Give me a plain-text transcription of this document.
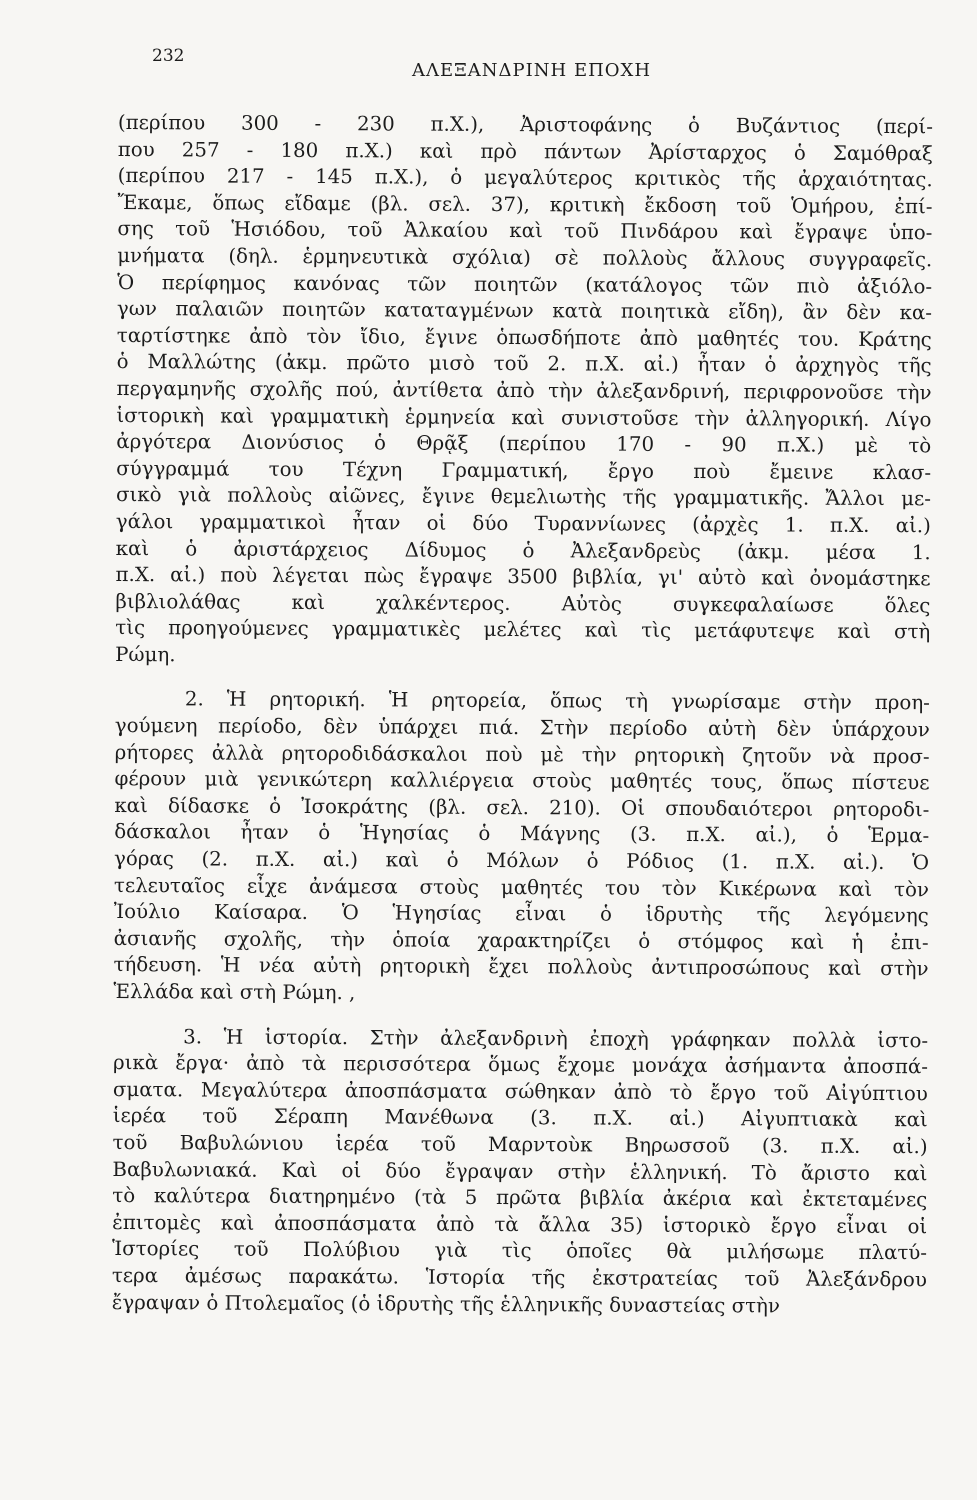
232
ΑΛΕΞΑΝΔΡΙΝΗ ΕΠΟΧΗ
(περίπου 300 - 230 π.Χ.), Ἀριστοφάνης ὁ Βυζάντιος (περί-
που 257 - 180 π.Χ.) καὶ πρὸ πάντων Ἀρίσταρχος ὁ Σαμόθραξ
(περίπου 217 - 145 π.Χ.), ὁ μεγαλύτερος κριτικὸς τῆς ἀρχαιότητας.
Ἔκαμε, ὅπως εἴδαμε (βλ. σελ. 37), κριτικὴ ἔκδοση τοῦ Ὁμήρου, ἐπί-
σης τοῦ Ἡσιόδου, τοῦ Ἀλκαίου καὶ τοῦ Πινδάρου καὶ ἔγραψε ὑπο-
μνήματα (δηλ. ἑρμηνευτικὰ σχόλια) σὲ πολλοὺς ἄλλους συγγραφεῖς.
Ὁ περίφημος κανόνας τῶν ποιητῶν (κατάλογος τῶν πιὸ ἀξιόλο-
γων παλαιῶν ποιητῶν καταταγμένων κατὰ ποιητικὰ εἴδη), ἂν δὲν κα-
ταρτίστηκε ἀπὸ τὸν ἴδιο, ἔγινε ὁπωσδήποτε ἀπὸ μαθητές του. Κράτης
ὁ Μαλλώτης (ἀκμ. πρῶτο μισὸ τοῦ 2. π.Χ. αἰ.) ἦταν ὁ ἀρχηγὸς τῆς
περγαμηνῆς σχολῆς πού, ἀντίθετα ἀπὸ τὴν ἀλεξανδρινή, περιφρονοῦσε τὴν
ἱστορικὴ καὶ γραμματικὴ ἑρμηνεία καὶ συνιστοῦσε τὴν ἀλληγορική. Λίγο
ἀργότερα Διονύσιος ὁ Θρᾷξ (περίπου 170 - 90 π.Χ.) μὲ τὸ
σύγγραμμά του Τέχνη Γραμματική, ἔργο ποὺ ἔμεινε κλασ-
σικὸ γιὰ πολλοὺς αἰῶνες, ἔγινε θεμελιωτὴς τῆς γραμματικῆς. Ἄλλοι με-
γάλοι γραμματικοὶ ἦταν οἱ δύο Τυραννίωνες (ἀρχὲς 1. π.Χ. αἰ.)
καὶ ὁ ἀριστάρχειος Δίδυμος ὁ Ἀλεξανδρεὺς (ἀκμ. μέσα 1.
π.Χ. αἰ.) ποὺ λέγεται πὼς ἔγραψε 3500 βιβλία, γι' αὐτὸ καὶ ὀνομάστηκε
βιβλιολάθας καὶ χαλκέντερος. Αὐτὸς συγκεφαλαίωσε ὅλες
τὶς προηγούμενες γραμματικὲς μελέτες καὶ τὶς μετάφυτεψε καὶ στὴ
Ρώμη.
2. Ἡ ρητορική. Ἡ ρητορεία, ὅπως τὴ γνωρίσαμε στὴν προη-
γούμενη περίοδο, δὲν ὑπάρχει πιά. Στὴν περίοδο αὐτὴ δὲν ὑπάρχουν
ρήτορες ἀλλὰ ρητοροδιδάσκαλοι ποὺ μὲ τὴν ρητορικὴ ζητοῦν νὰ προσ-
φέρουν μιὰ γενικώτερη καλλιέργεια στοὺς μαθητές τους, ὅπως πίστευε
καὶ δίδασκε ὁ Ἰσοκράτης (βλ. σελ. 210). Οἱ σπουδαιότεροι ρητοροδι-
δάσκαλοι ἦταν ὁ Ἡγησίας ὁ Μάγνης (3. π.Χ. αἰ.), ὁ Ἑρμα-
γόρας (2. π.Χ. αἰ.) καὶ ὁ Μόλων ὁ Ρόδιος (1. π.Χ. αἰ.). Ὁ
τελευταῖος εἶχε ἀνάμεσα στοὺς μαθητές του τὸν Κικέρωνα καὶ τὸν
Ἰούλιο Καίσαρα. Ὁ Ἡγησίας εἶναι ὁ ἱδρυτὴς τῆς λεγόμενης
ἀσιανῆς σχολῆς, τὴν ὁποία χαρακτηρίζει ὁ στόμφος καὶ ἡ ἐπι-
τήδευση. Ἡ νέα αὐτὴ ρητορικὴ ἔχει πολλοὺς ἀντιπροσώπους καὶ στὴν
Ἑλλάδα καὶ στὴ Ρώμη. ,
3. Ἡ ἱστορία. Στὴν ἀλεξανδρινὴ ἐποχὴ γράφηκαν πολλὰ ἱστο-
ρικὰ ἔργα· ἀπὸ τὰ περισσότερα ὅμως ἔχομε μονάχα ἀσήμαντα ἀποσπά-
σματα. Μεγαλύτερα ἀποσπάσματα σώθηκαν ἀπὸ τὸ ἔργο τοῦ Αἰγύπτιου
ἱερέα τοῦ Σέραπη Μανέθωνα (3. π.Χ. αἰ.) Αἰγυπτιακὰ καὶ
τοῦ Βαβυλώνιου ἱερέα τοῦ Μαρντοὺκ Βηρωσσοῦ (3. π.Χ. αἰ.)
Βαβυλωνιακά. Καὶ οἱ δύο ἔγραψαν στὴν ἑλληνική. Τὸ ἄριστο καὶ
τὸ καλύτερα διατηρημένο (τὰ 5 πρῶτα βιβλία ἀκέρια καὶ ἐκτεταμένες
ἐπιτομὲς καὶ ἀποσπάσματα ἀπὸ τὰ ἄλλα 35) ἱστορικὸ ἔργο εἶναι οἱ
Ἱστορίες τοῦ Πολύβιου γιὰ τὶς ὁποῖες θὰ μιλήσωμε πλατύ-
τερα ἀμέσως παρακάτω. Ἱστορία τῆς ἐκστρατείας τοῦ Ἀλεξάνδρου
ἔγραψαν ὁ Πτολεμαῖος (ὁ ἱδρυτὴς τῆς ἑλληνικῆς δυναστείας στὴν
